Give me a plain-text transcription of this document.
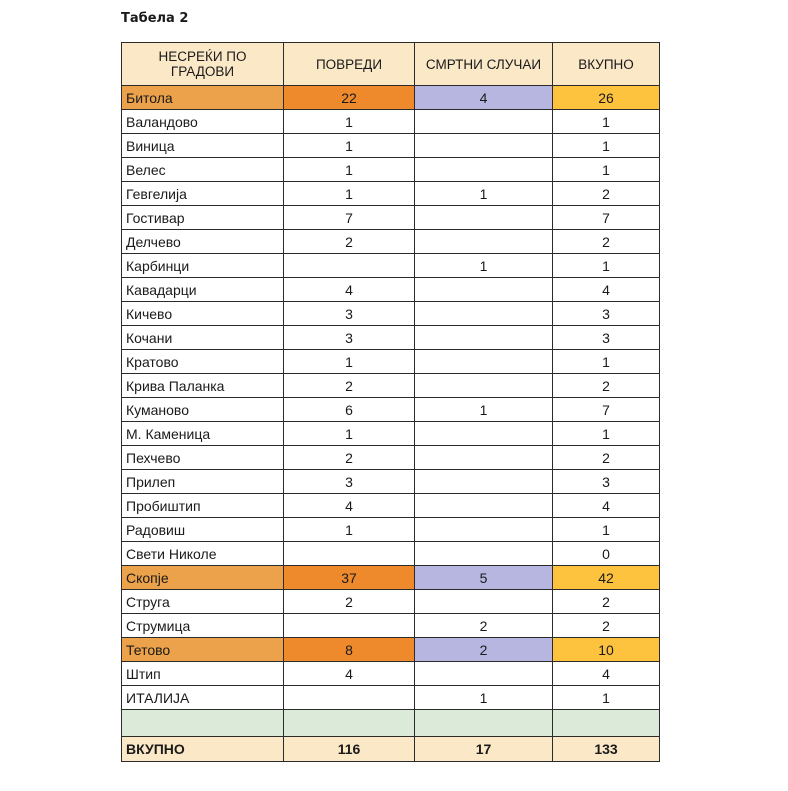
Табела 2
НЕСРЕЌИ ПО ГРАДОВИ	ПОВРЕДИ	СМРТНИ СЛУЧАИ	ВКУПНО
Битола	22	4	26
Валандово	1		1
Виница	1		1
Велес	1		1
Гевгелија	1	1	2
Гостивар	7		7
Делчево	2		2
Карбинци		1	1
Кавадарци	4		4
Кичево	3		3
Кочани	3		3
Кратово	1		1
Крива Паланка	2		2
Куманово	6	1	7
М. Каменица	1		1
Пехчево	2		2
Прилеп	3		3
Пробиштип	4		4
Радовиш	1		1
Свети Николе			0
Скопје	37	5	42
Струга	2		2
Струмица		2	2
Тетово	8	2	10
Штип	4		4
ИТАЛИЈА		1	1

ВКУПНО	116	17	133
